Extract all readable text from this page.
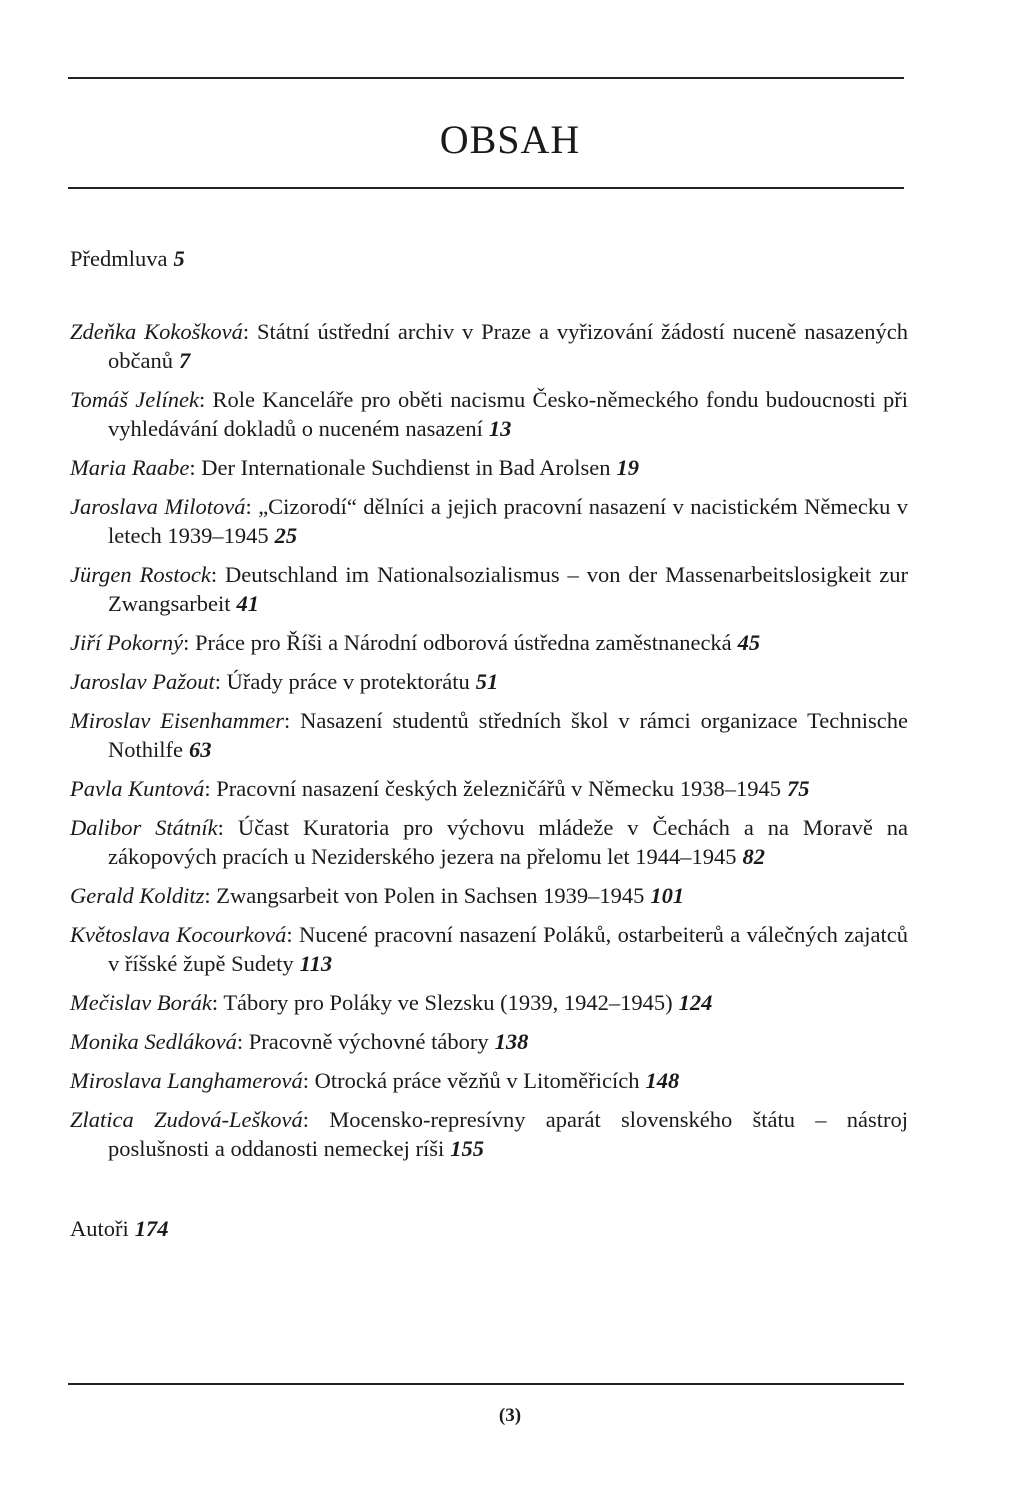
OBSAH

Předmluva 5

Zdeňka Kokošková: Státní ústřední archiv v Praze a vyřizování žádostí nuceně nasazených občanů 7
Tomáš Jelínek: Role Kanceláře pro oběti nacismu Česko-německého fondu budoucnosti při vyhledávání dokladů o nuceném nasazení 13
Maria Raabe: Der Internationale Suchdienst in Bad Arolsen 19
Jaroslava Milotová: „Cizorodí“ dělníci a jejich pracovní nasazení v nacistickém Německu v letech 1939–1945 25
Jürgen Rostock: Deutschland im Nationalsozialismus – von der Massenarbeitslosigkeit zur Zwangsarbeit 41
Jiří Pokorný: Práce pro Říši a Národní odborová ústředna zaměstnanecká 45
Jaroslav Pažout: Úřady práce v protektorátu 51
Miroslav Eisenhammer: Nasazení studentů středních škol v rámci organizace Technische Nothilfe 63
Pavla Kuntová: Pracovní nasazení českých železničářů v Německu 1938–1945 75
Dalibor Státník: Účast Kuratoria pro výchovu mládeže v Čechách a na Moravě na zákopových pracích u Neziderského jezera na přelomu let 1944–1945 82
Gerald Kolditz: Zwangsarbeit von Polen in Sachsen 1939–1945 101
Květoslava Kocourková: Nucené pracovní nasazení Poláků, ostarbeiterů a válečných zajatců v říšské župě Sudety 113
Mečislav Borák: Tábory pro Poláky ve Slezsku (1939, 1942–1945) 124
Monika Sedláková: Pracovně výchovné tábory 138
Miroslava Langhamerová: Otrocká práce vězňů v Litoměřicích 148
Zlatica Zudová-Lešková: Mocensko-represívny aparát slovenského štátu – nástroj poslušnosti a oddanosti nemeckej ríši 155

Autoři 174

(3)
